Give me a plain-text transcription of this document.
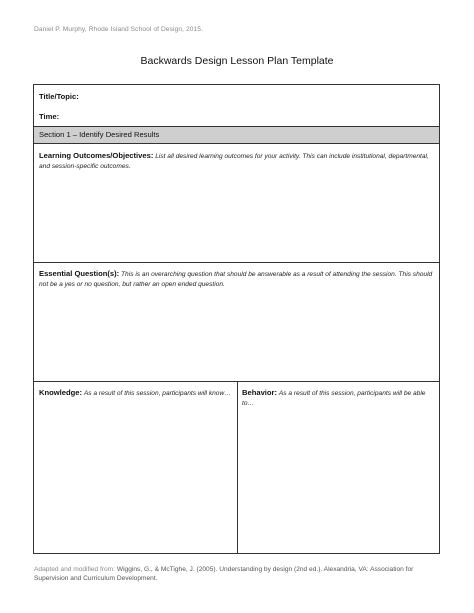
Daniel P. Murphy, Rhode Island School of Design, 2015.
Backwards Design Lesson Plan Template
Title/Topic:
Time:
Section 1 – Identify Desired Results
Learning Outcomes/Objectives: List all desired learning outcomes for your activity. This can include institutional, departmental, and session-specific outcomes.
Essential Question(s): This is an overarching question that should be answerable as a result of attending the session. This should not be a yes or no question, but rather an open ended question.
Knowledge: As a result of this session, participants will know… Behavior: As a result of this session, participants will be able to…
Adapted and modified from: Wiggins, G., & McTighe, J. (2005). Understanding by design (2nd ed.). Alexandria, VA: Association for Supervision and Curriculum Development.
